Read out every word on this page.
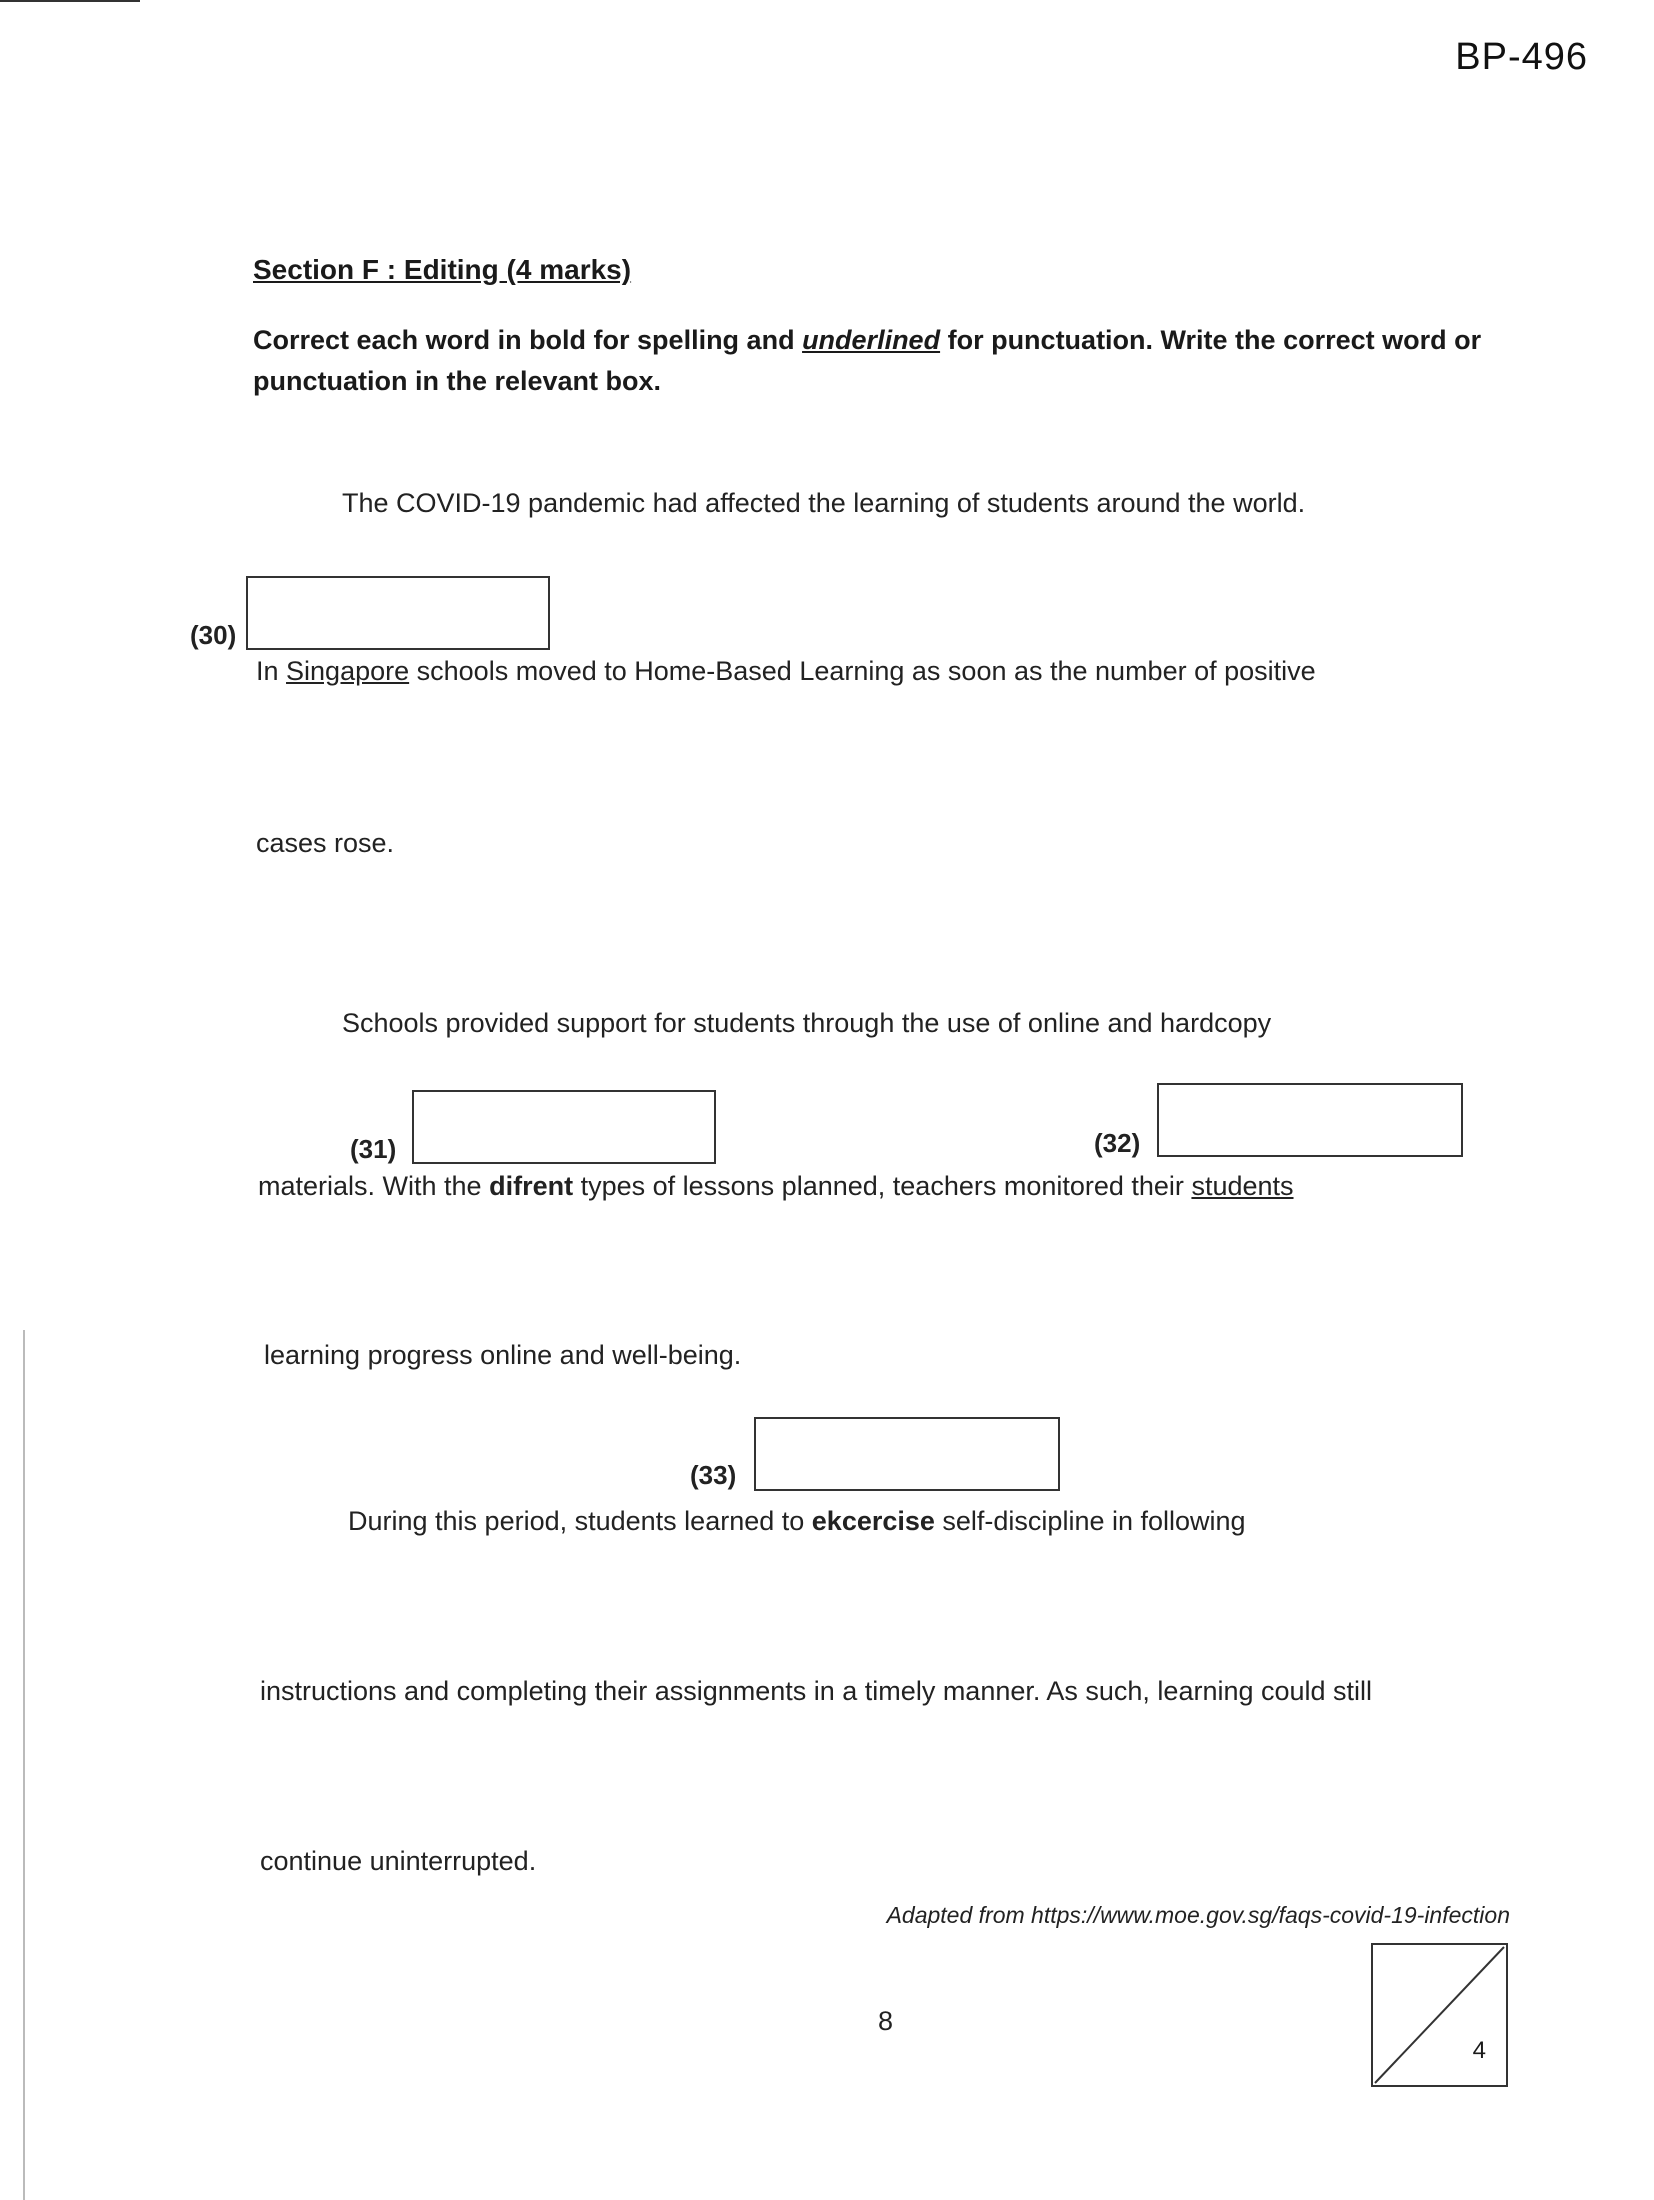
BP-496
Section F : Editing (4 marks)
Correct each word in bold for spelling and underlined for punctuation. Write the correct word or punctuation in the relevant box.
The COVID-19 pandemic had affected the learning of students around the world.
(30)
In Singapore schools moved to Home-Based Learning as soon as the number of positive
cases rose.
Schools provided support for students through the use of online and hardcopy
(31)	(32)
materials. With the difrent types of lessons planned, teachers monitored their students
learning progress online and well-being.
(33)
During this period, students learned to ekcercise self-discipline in following
instructions and completing their assignments in a timely manner. As such, learning could still
continue uninterrupted.
Adapted from https://www.moe.gov.sg/faqs-covid-19-infection
8
4
